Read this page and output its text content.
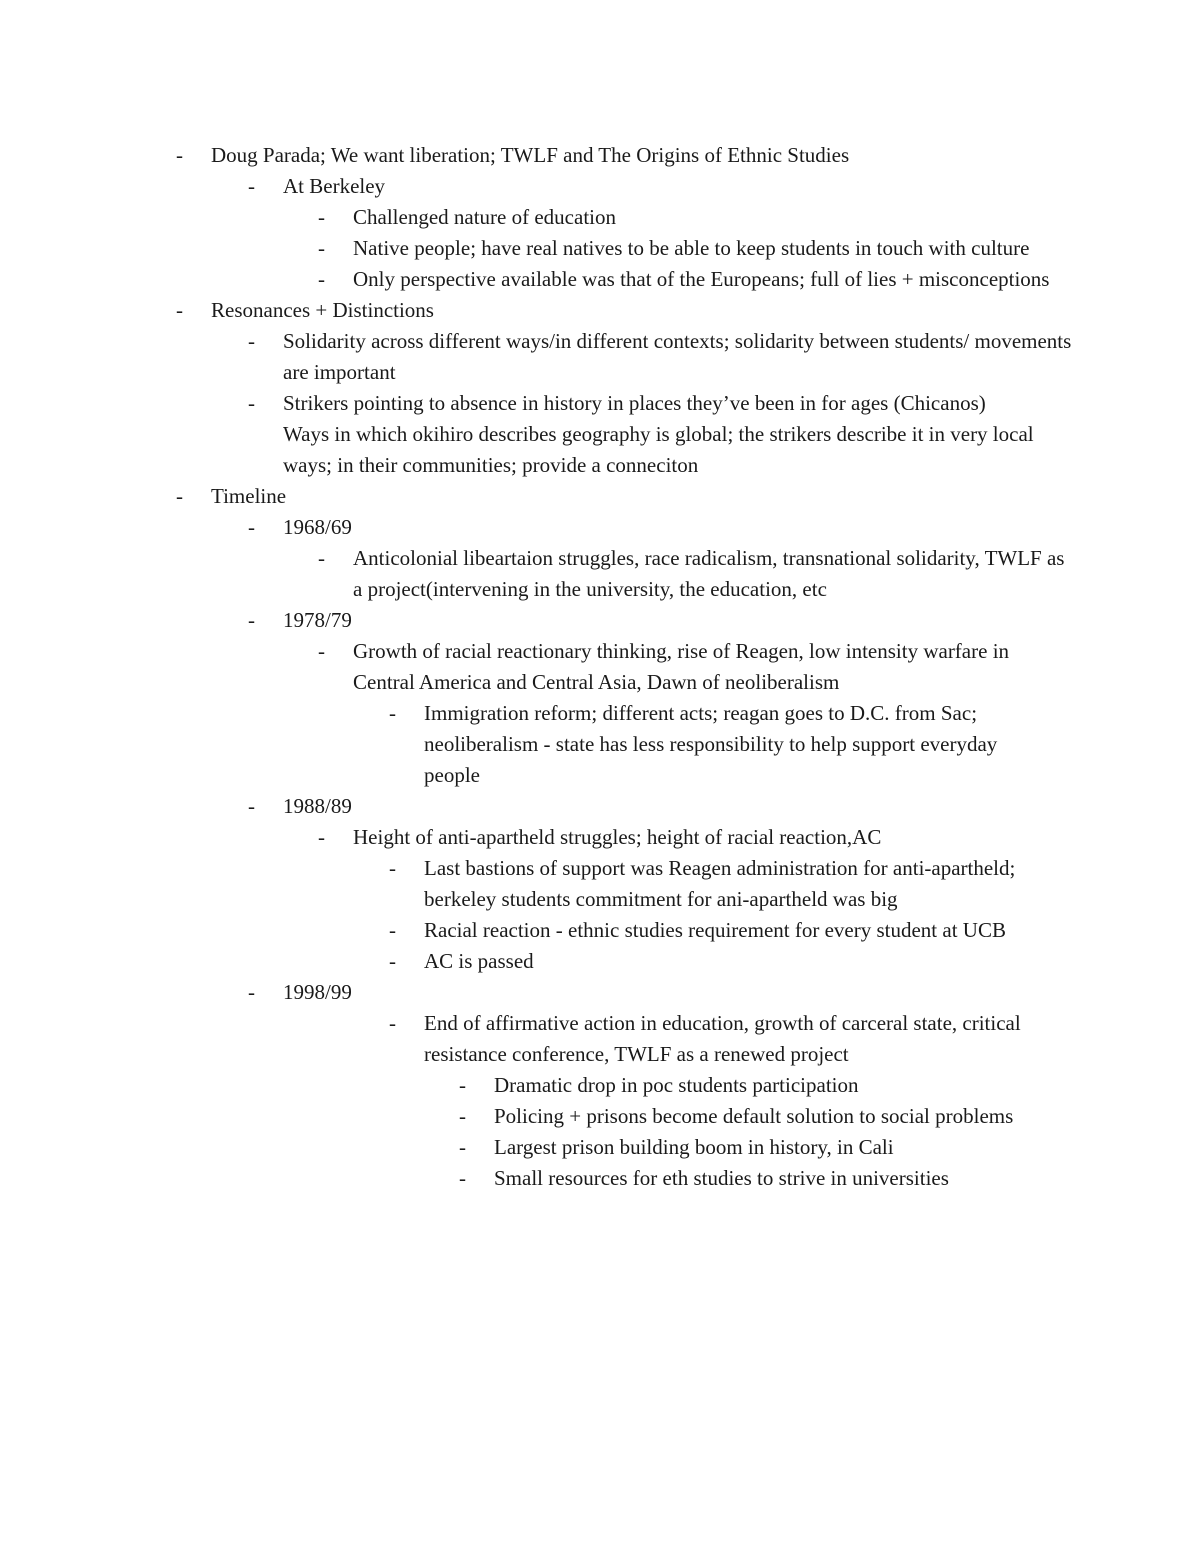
- Doug Parada; We want liberation; TWLF and The Origins of Ethnic Studies
- At Berkeley
- Challenged nature of education
- Native people; have real natives to be able to keep students in touch with culture
- Only perspective available was that of the Europeans; full of lies + misconceptions
- Resonances + Distinctions
- Solidarity across different ways/in different contexts; solidarity between students/ movements are important
- Strikers pointing to absence in history in places they’ve been in for ages (Chicanos)
Ways in which okihiro describes geography is global; the strikers describe it in very local ways; in their communities; provide a conneciton
- Timeline
- 1968/69
- Anticolonial libeartaion struggles, race radicalism, transnational solidarity, TWLF as a project(intervening in the university, the education, etc
- 1978/79
- Growth of racial reactionary thinking, rise of Reagen, low intensity warfare in Central America and Central Asia, Dawn of neoliberalism
- Immigration reform; different acts; reagan goes to D.C. from Sac; neoliberalism - state has less responsibility to help support everyday people
- 1988/89
- Height of anti-apartheld struggles; height of racial reaction,AC
- Last bastions of support was Reagen administration for anti-apartheld; berkeley students commitment for ani-apartheld was big
- Racial reaction - ethnic studies requirement for every student at UCB
- AC is passed
- 1998/99
- End of affirmative action in education, growth of carceral state, critical resistance conference, TWLF as a renewed project
- Dramatic drop in poc students participation
- Policing + prisons become default solution to social problems
- Largest prison building boom in history, in Cali
- Small resources for eth studies to strive in universities
